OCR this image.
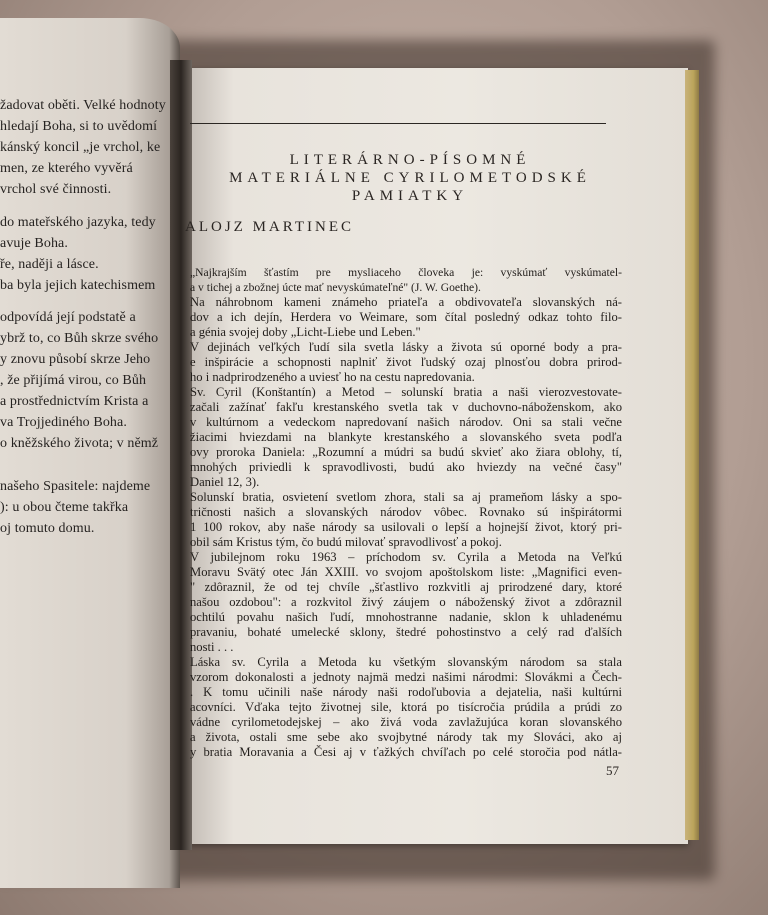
žadovat oběti. Velké hodnoty
hledají Boha, si to uvědomí
kánský koncil „je vrchol, ke
men, ze kterého vyvěrá
vrchol své činnosti.
do mateřského jazyka, tedy
avuje Boha.
ře, naději a lásce.
ba byla jejich katechismem
odpovídá její podstatě a
ybrž to, co Bůh skrze svého
y znovu působí skrze Jeho
, že přijímá virou, co Bůh
a prostřednictvím Krista a
va Trojjediného Boha.
o kněžského života; v němž
našeho Spasitele: najdeme
): u obou čteme takřka
oj tomuto domu.
LITERÁRNO-PÍSOMNÉ
MATERIÁLNE CYRILOMETODSKÉ
PAMIATKY
ALOJZ MARTINEC
„Najkrajším šťastím pre mysliaceho človeka je: vyskúmať vyskúmatel-
a v tichej a zbožnej úcte mať nevyskúmateľné" (J. W. Goethe).
Na náhrobnom kameni známeho priateľa a obdivovateľa slovanských ná-
dov a ich dejín, Herdera vo Weimare, som čítal posledný odkaz tohto filo-
a génia svojej doby „Licht-Liebe und Leben."
V dejinách veľkých ľudí sila svetla lásky a života sú oporné body a pra-
e inšpirácie a schopnosti naplniť život ľudský ozaj plnosťou dobra prirod-
ho i nadprirodzeného a uviesť ho na cestu napredovania.
Sv. Cyril (Konštantín) a Metod – solunskí bratia a naši vierozvestovate-
začali zažínať fakľu krestanského svetla tak v duchovno-náboženskom, ako
v kultúrnom a vedeckom napredovaní našich národov. Oni sa stali večne
žiacimi hviezdami na blankyte krestanského a slovanského sveta podľa
ovy proroka Daniela: „Rozumní a múdri sa budú skvieť ako žiara oblohy, tí,
mnohých priviedli k spravodlivosti, budú ako hviezdy na večné časy"
Daniel 12, 3).
Solunskí bratia, osvietení svetlom zhora, stali sa aj prameňom lásky a spo-
tričnosti našich a slovanských národov vôbec. Rovnako sú inšpirátormi
1 100 rokov, aby naše národy sa usilovali o lepší a hojnejší život, ktorý pri-
obil sám Kristus tým, čo budú milovať spravodlivosť a pokoj.
V jubilejnom roku 1963 – príchodom sv. Cyrila a Metoda na Veľkú
Moravu Svätý otec Ján XXIII. vo svojom apoštolskom liste: „Magnifici even-
" zdôraznil, že od tej chvíle „šťastlivo rozkvitli aj prirodzené dary, ktoré
našou ozdobou": a rozkvitol živý záujem o náboženský život a zdôraznil
ochtilú povahu našich ľudí, mnohostranne nadanie, sklon k uhladenému
pravaniu, bohaté umelecké sklony, štedré pohostinstvo a celý rad ďalších
nosti . . .
Láska sv. Cyrila a Metoda ku všetkým slovanským národom sa stala
vzorom dokonalosti a jednoty najmä medzi našimi národmi: Slovákmi a Čech-
. K tomu učinili naše národy naši rodoľubovia a dejatelia, naši kultúrni
acovníci. Vďaka tejto životnej sile, ktorá po tisícročia prúdila a prúdi zo
vádne cyrilometodejskej – ako živá voda zavlažujúca koran slovanského
a života, ostali sme sebe ako svojbytné národy tak my Slováci, ako aj
y bratia Moravania a Česi aj v ťažkých chvíľach po celé storočia pod nátla-
57
